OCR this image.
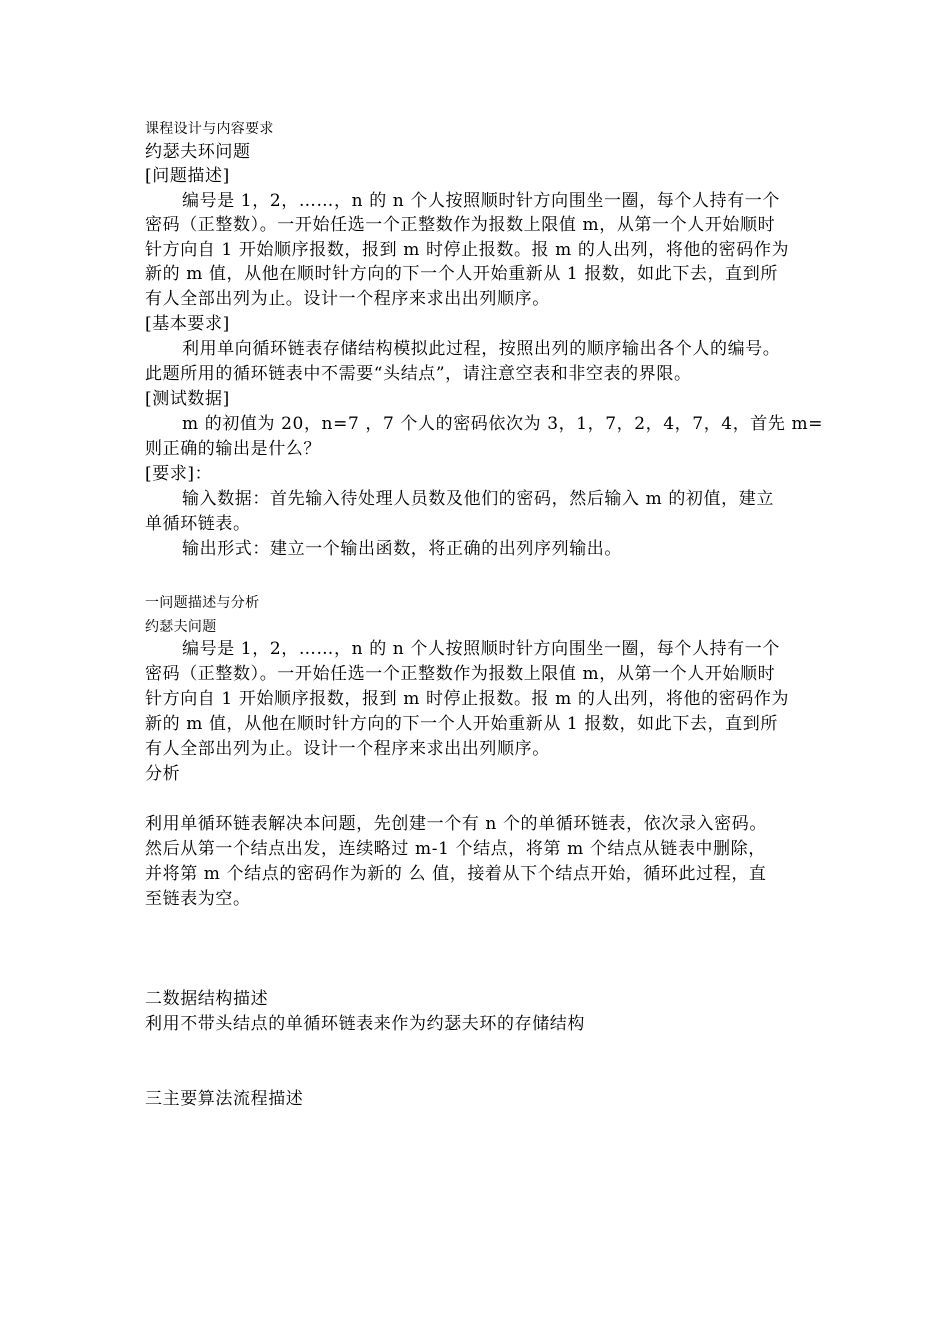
课程设计与内容要求
约瑟夫环问题
[问题描述]
编号是 1，2，……，n 的 n 个人按照顺时针方向围坐一圈，每个人持有一个
密码（正整数）。一开始任选一个正整数作为报数上限值 m，从第一个人开始顺时
针方向自 1 开始顺序报数，报到 m 时停止报数。报 m 的人出列，将他的密码作为
新的 m 值，从他在顺时针方向的下一个人开始重新从 1 报数，如此下去，直到所
有人全部出列为止。设计一个程序来求出出列顺序。
[基本要求]
利用单向循环链表存储结构模拟此过程，按照出列的顺序输出各个人的编号。
此题所用的循环链表中不需要“头结点”，请注意空表和非空表的界限。
[测试数据]
m 的初值为 20，n=7 ，7 个人的密码依次为 3，1，7，2，4，7，4，首先 m=
则正确的输出是什么？
[要求]：
输入数据：首先输入待处理人员数及他们的密码，然后输入 m 的初值，建立
单循环链表。
输出形式：建立一个输出函数，将正确的出列序列输出。
一问题描述与分析
约瑟夫问题
编号是 1，2，……，n 的 n 个人按照顺时针方向围坐一圈，每个人持有一个
密码（正整数）。一开始任选一个正整数作为报数上限值 m，从第一个人开始顺时
针方向自 1 开始顺序报数，报到 m 时停止报数。报 m 的人出列，将他的密码作为
新的 m 值，从他在顺时针方向的下一个人开始重新从 1 报数，如此下去，直到所
有人全部出列为止。设计一个程序来求出出列顺序。
分析
利用单循环链表解决本问题，先创建一个有 n 个的单循环链表，依次录入密码。
然后从第一个结点出发，连续略过 m-1 个结点，将第 m 个结点从链表中删除，
并将第 m 个结点的密码作为新的 么 值，接着从下个结点开始，循环此过程，直
至链表为空。
二数据结构描述
利用不带头结点的单循环链表来作为约瑟夫环的存储结构
三主要算法流程描述
